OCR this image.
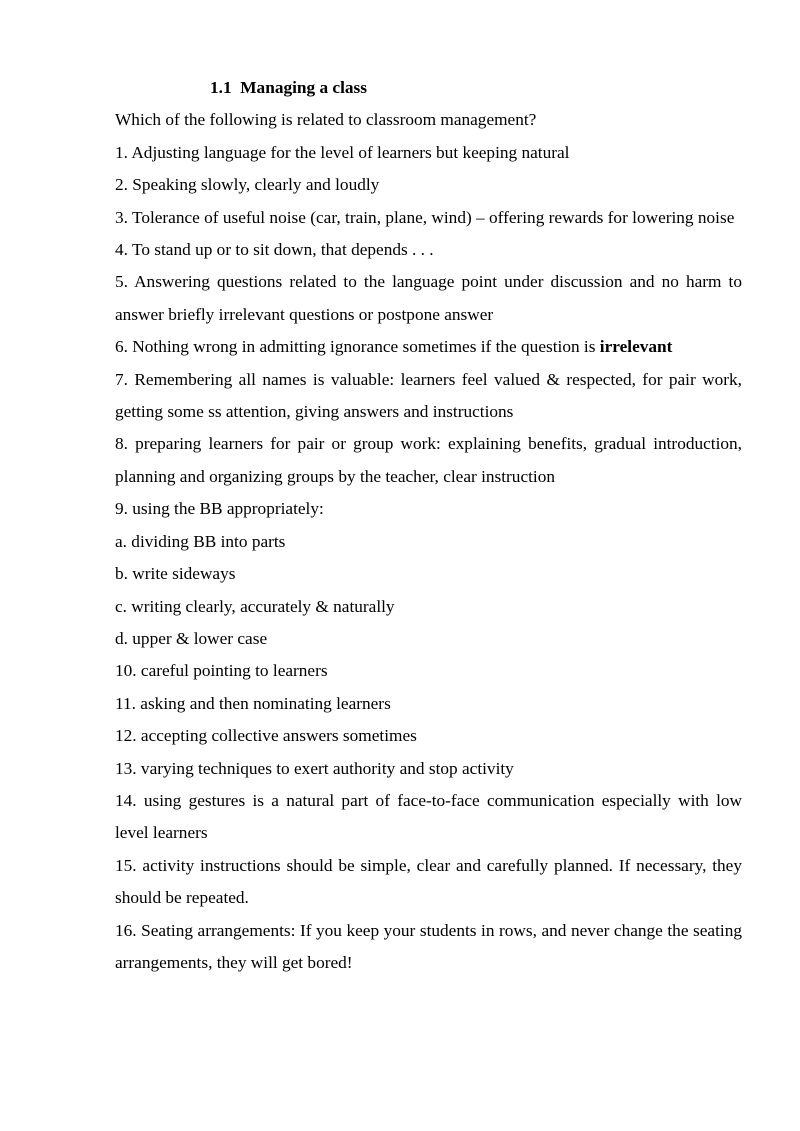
1.1 Managing a class

Which of the following is related to classroom management?

1. Adjusting language for the level of learners but keeping natural

2. Speaking slowly, clearly and loudly

3. Tolerance of useful noise (car, train, plane, wind) – offering rewards for lowering noise

4. To stand up or to sit down, that depends . . .

5. Answering questions related to the language point under discussion and no harm to answer briefly irrelevant questions or postpone answer

6. Nothing wrong in admitting ignorance sometimes if the question is irrelevant

7. Remembering all names is valuable: learners feel valued & respected, for pair work, getting some ss attention, giving answers and instructions

8. preparing learners for pair or group work: explaining benefits, gradual introduction, planning and organizing groups by the teacher, clear instruction

9. using the BB appropriately:

a. dividing BB into parts

b. write sideways

c. writing clearly, accurately & naturally

d. upper & lower case

10. careful pointing to learners

11. asking and then nominating learners

12. accepting collective answers sometimes

13. varying techniques to exert authority and stop activity

14. using gestures is a natural part of face-to-face communication especially with low level learners

15. activity instructions should be simple, clear and carefully planned. If necessary, they should be repeated.

16. Seating arrangements: If you keep your students in rows, and never change the seating arrangements, they will get bored!
